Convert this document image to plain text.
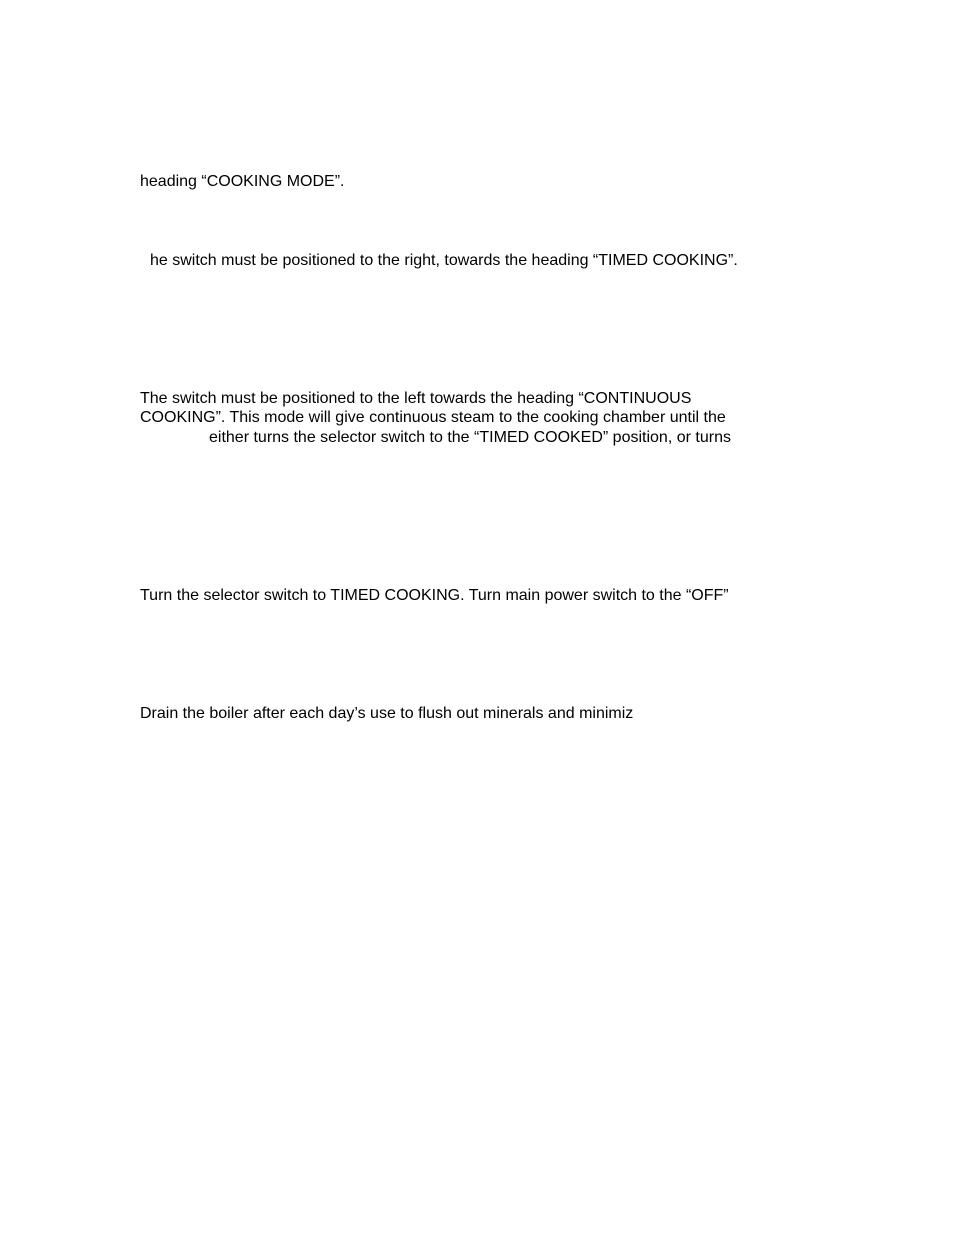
heading “COOKING MODE”.
he switch must be positioned to the right, towards the heading “TIMED COOKING”.
The switch must be positioned to the left towards the heading “CONTINUOUS
COOKING”. This mode will give continuous steam to the cooking chamber until the
either turns the selector switch to the “TIMED COOKED” position, or turns
Turn the selector switch to TIMED COOKING. Turn main power switch to the “OFF”
Drain the boiler after each day’s use to flush out minerals and minimiz
